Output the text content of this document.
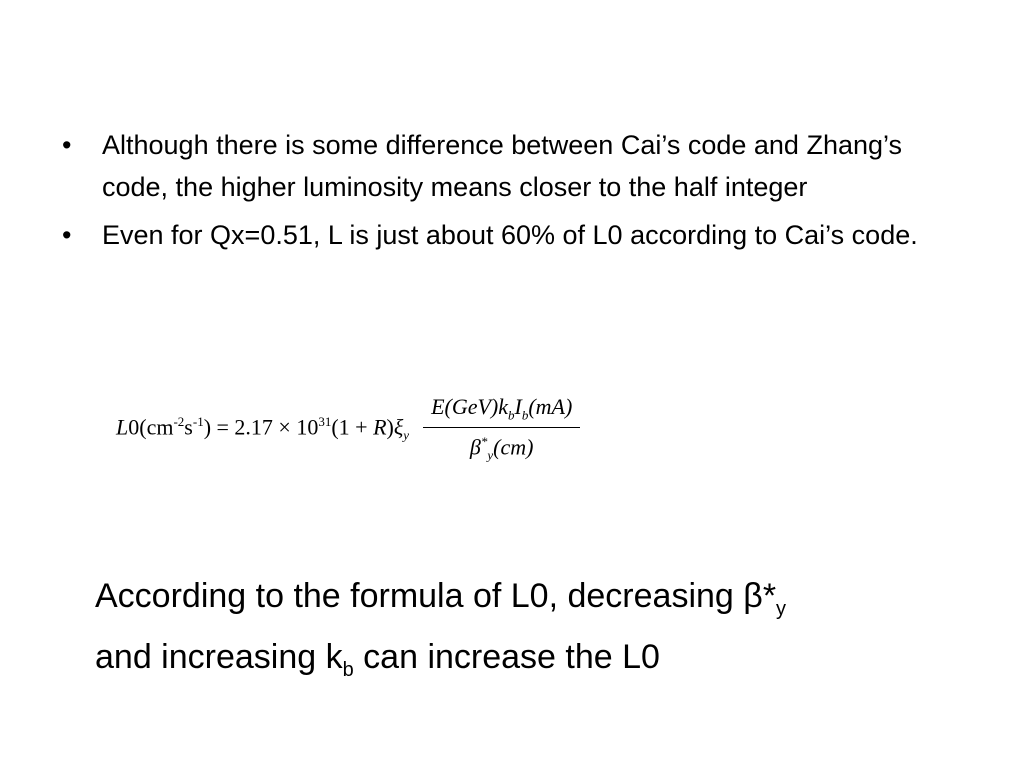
•	Although there is some difference between Cai’s code and Zhang’s code, the higher luminosity means closer to the half integer
•	Even for Qx=0.51, L is just about 60% of L0 according to Cai’s code.
$L0(cm^{-2}s^{-1}) = 2.17 \times 10^{31}(1 + R)\xi_y \frac{E(GeV)k_bI_b(mA)}{\beta^*_y(cm)}$
According to the formula of L0, decreasing $\beta*_y$
and increasing $k_b$ can increase the L0
